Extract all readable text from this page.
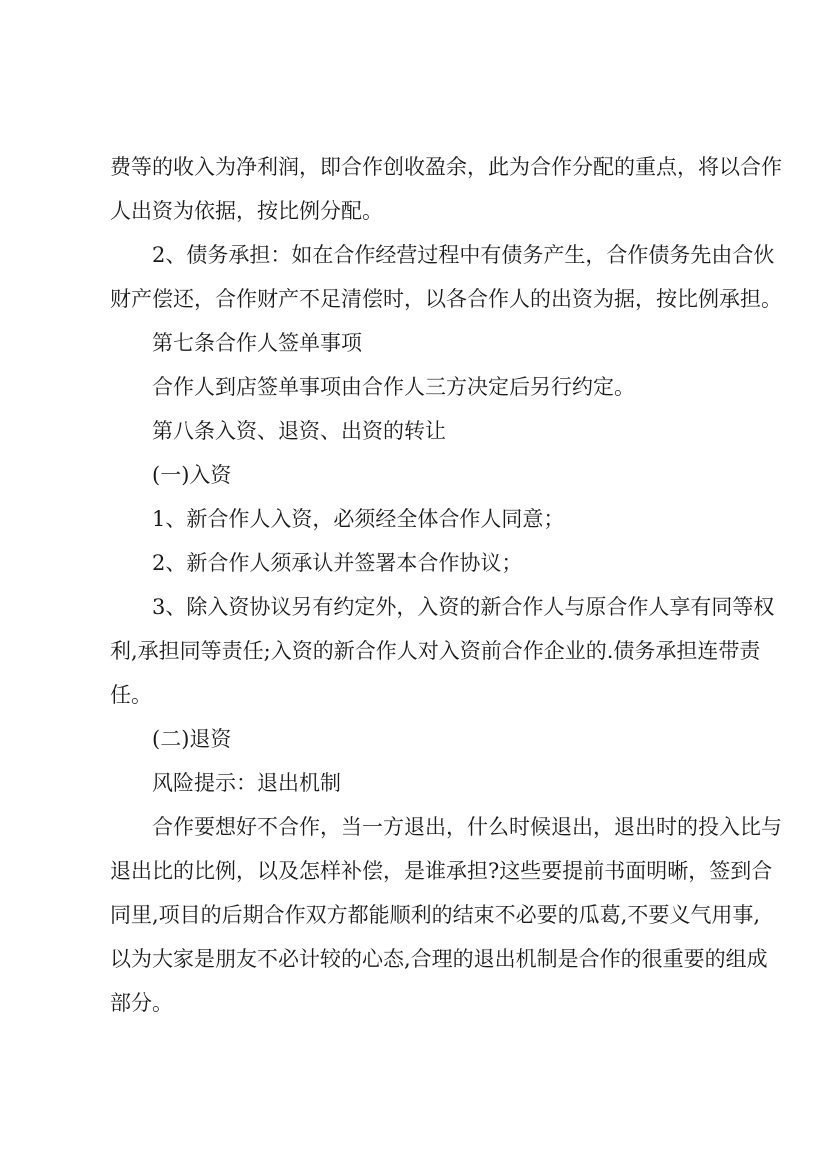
费等的收入为净利润，即合作创收盈余，此为合作分配的重点，将以合作
人出资为依据，按比例分配。
2、债务承担：如在合作经营过程中有债务产生，合作债务先由合伙
财产偿还，合作财产不足清偿时，以各合作人的出资为据，按比例承担。
第七条合作人签单事项
合作人到店签单事项由合作人三方决定后另行约定。
第八条入资、退资、出资的转让
(一)入资
1、新合作人入资，必须经全体合作人同意；
2、新合作人须承认并签署本合作协议；
3、除入资协议另有约定外，入资的新合作人与原合作人享有同等权
利,承担同等责任;入资的新合作人对入资前合作企业的.债务承担连带责
任。
(二)退资
风险提示：退出机制
合作要想好不合作，当一方退出，什么时候退出，退出时的投入比与
退出比的比例，以及怎样补偿，是谁承担?这些要提前书面明晰，签到合
同里,项目的后期合作双方都能顺利的结束不必要的瓜葛,不要义气用事,
以为大家是朋友不必计较的心态,合理的退出机制是合作的很重要的组成
部分。
